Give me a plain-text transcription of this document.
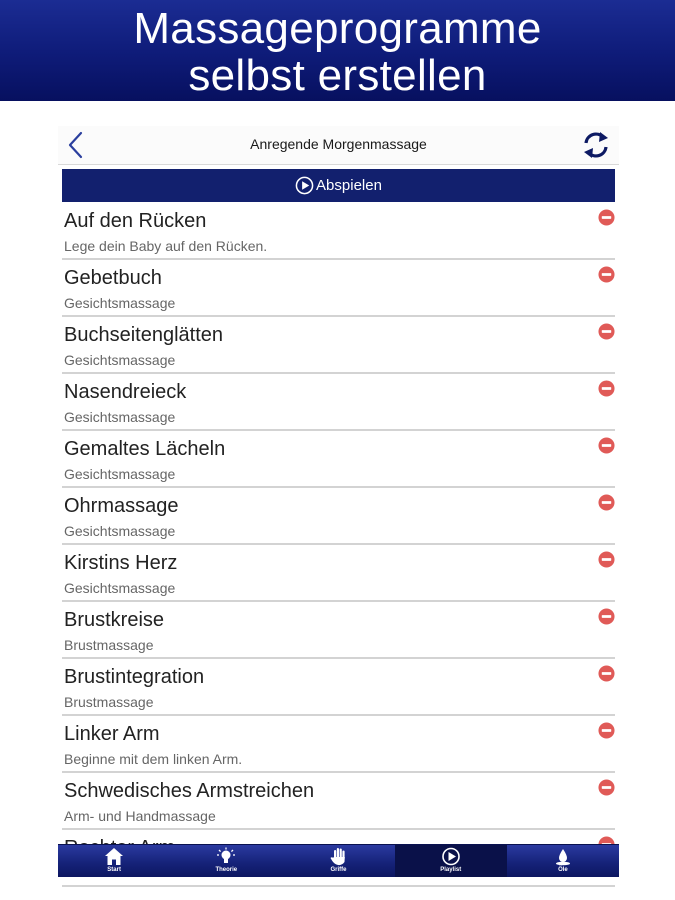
Massageprogramme
selbst erstellen
Anregende Morgenmassage
Abspielen
Auf den Rücken
Lege dein Baby auf den Rücken.
Gebetbuch
Gesichtsmassage
Buchseitenglätten
Gesichtsmassage
Nasendreieck
Gesichtsmassage
Gemaltes Lächeln
Gesichtsmassage
Ohrmassage
Gesichtsmassage
Kirstins Herz
Gesichtsmassage
Brustkreise
Brustmassage
Brustintegration
Brustmassage
Linker Arm
Beginne mit dem linken Arm.
Schwedisches Armstreichen
Arm- und Handmassage
Start	Theorie	Griffe	Playlist	Öle
